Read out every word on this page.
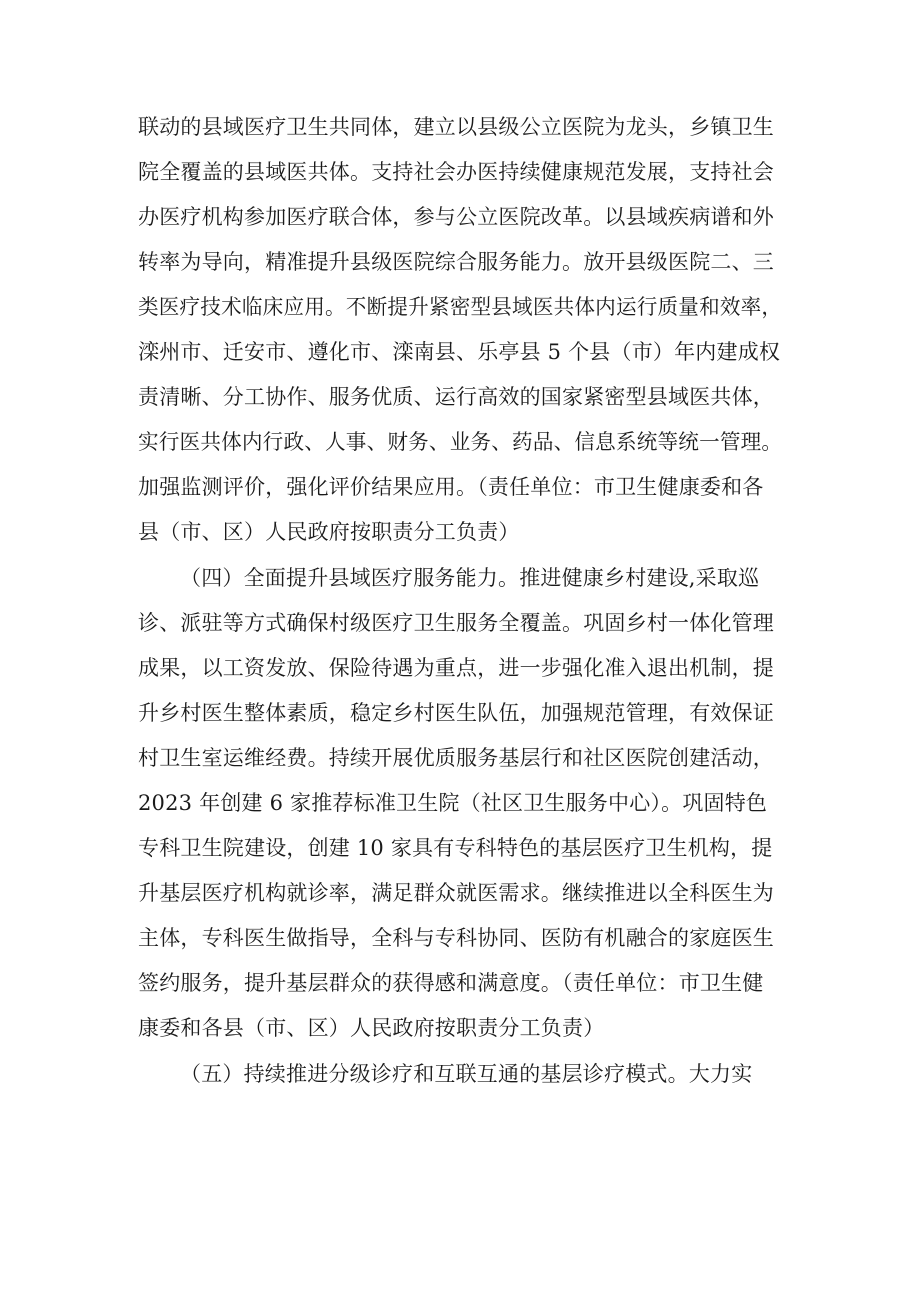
联动的县域医疗卫生共同体，建立以县级公立医院为龙头，乡镇卫生
院全覆盖的县域医共体。支持社会办医持续健康规范发展，支持社会
办医疗机构参加医疗联合体，参与公立医院改革。以县域疾病谱和外
转率为导向，精准提升县级医院综合服务能力。放开县级医院二、三
类医疗技术临床应用。不断提升紧密型县域医共体内运行质量和效率，
滦州市、迁安市、遵化市、滦南县、乐亭县 5 个县（市）年内建成权
责清晰、分工协作、服务优质、运行高效的国家紧密型县域医共体，
实行医共体内行政、人事、财务、业务、药品、信息系统等统一管理。
加强监测评价，强化评价结果应用。（责任单位：市卫生健康委和各
县（市、区）人民政府按职责分工负责）
（四）全面提升县域医疗服务能力。推进健康乡村建设,采取巡
诊、派驻等方式确保村级医疗卫生服务全覆盖。巩固乡村一体化管理
成果，以工资发放、保险待遇为重点，进一步强化准入退出机制，提
升乡村医生整体素质，稳定乡村医生队伍，加强规范管理，有效保证
村卫生室运维经费。持续开展优质服务基层行和社区医院创建活动，
2023 年创建 6 家推荐标准卫生院（社区卫生服务中心）。巩固特色
专科卫生院建设，创建 10 家具有专科特色的基层医疗卫生机构，提
升基层医疗机构就诊率，满足群众就医需求。继续推进以全科医生为
主体，专科医生做指导，全科与专科协同、医防有机融合的家庭医生
签约服务，提升基层群众的获得感和满意度。（责任单位：市卫生健
康委和各县（市、区）人民政府按职责分工负责）
（五）持续推进分级诊疗和互联互通的基层诊疗模式。大力实
